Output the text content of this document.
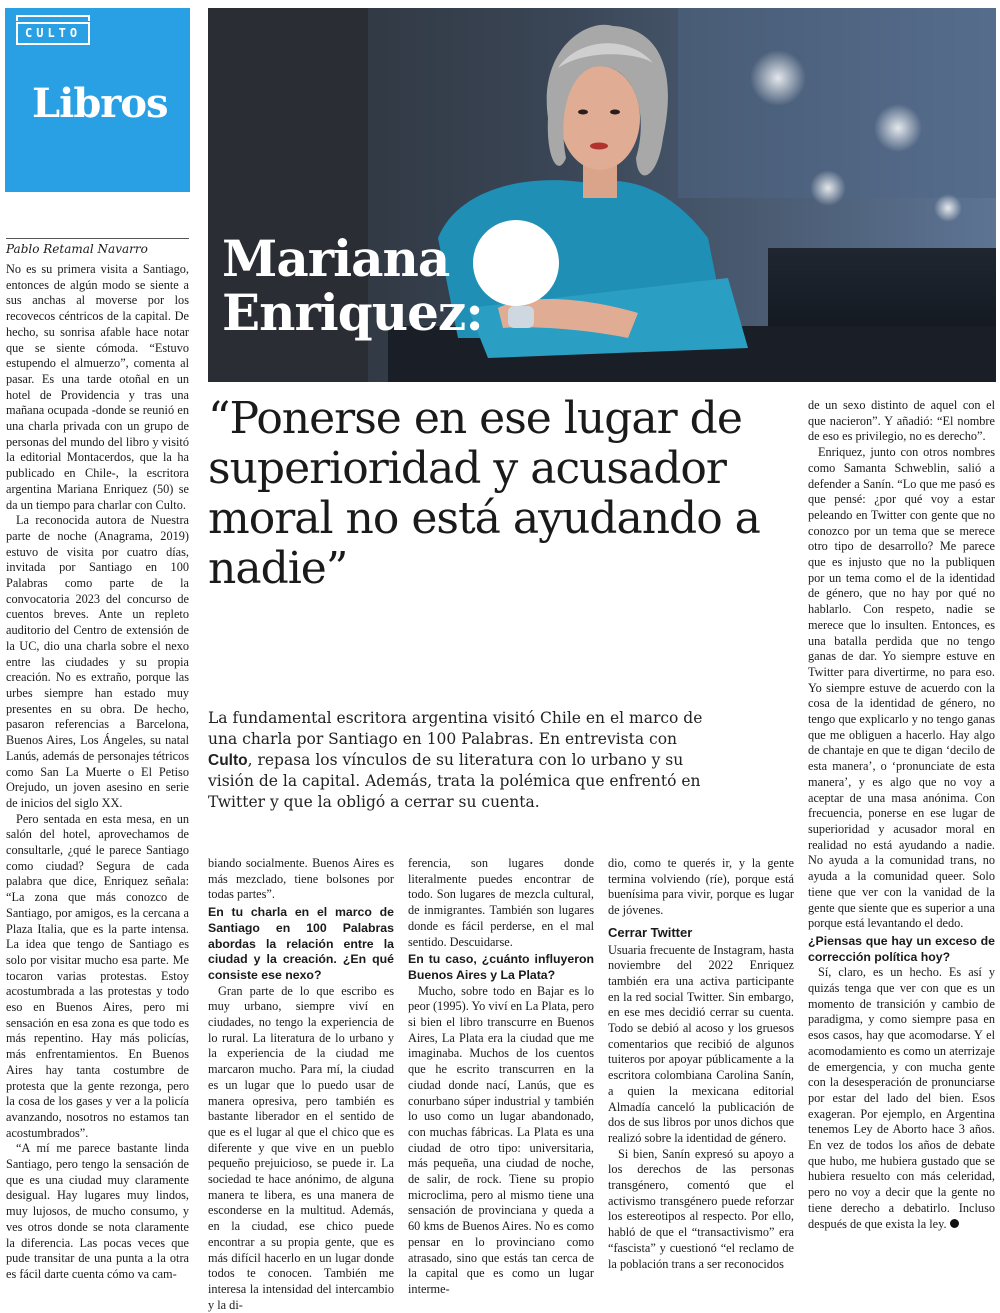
CULTO
Libros
Mariana
Enriquez:
“Ponerse en ese lugar de superioridad y acusador moral no está ayudando a nadie”
La fundamental escritora argentina visitó Chile en el marco de una charla por Santiago en 100 Palabras. En entrevista con Culto, repasa los vínculos de su literatura con lo urbano y su visión de la capital. Además, trata la polémica que enfrentó en Twitter y que la obligó a cerrar su cuenta.
Pablo Retamal Navarro

No es su primera visita a Santiago, entonces de algún modo se siente a sus anchas al moverse por los recovecos céntricos de la capital. De hecho, su sonrisa afable hace notar que se siente cómoda. “Estuvo estupendo el almuerzo”, comenta al pasar. Es una tarde otoñal en un hotel de Providencia y tras una mañana ocupada -donde se reunió en una charla privada con un grupo de personas del mundo del libro y visitó la editorial Montacerdos, que la ha publicado en Chile-, la escritora argentina Mariana Enriquez (50) se da un tiempo para charlar con Culto.

La reconocida autora de Nuestra parte de noche (Anagrama, 2019) estuvo de visita por cuatro días, invitada por Santiago en 100 Palabras como parte de la convocatoria 2023 del concurso de cuentos breves. Ante un repleto auditorio del Centro de extensión de la UC, dio una charla sobre el nexo entre las ciudades y su propia creación. No es extraño, porque las urbes siempre han estado muy presentes en su obra. De hecho, pasaron referencias a Barcelona, Buenos Aires, Los Ángeles, su natal Lanús, además de personajes tétricos como San La Muerte o El Petiso Orejudo, un joven asesino en serie de inicios del siglo XX.

Pero sentada en esta mesa, en un salón del hotel, aprovechamos de consultarle, ¿qué le parece Santiago como ciudad? Segura de cada palabra que dice, Enriquez señala: “La zona que más conozco de Santiago, por amigos, es la cercana a Plaza Italia, que es la parte intensa. La idea que tengo de Santiago es solo por visitar mucho esa parte. Me tocaron varias protestas. Estoy acostumbrada a las protestas y todo eso en Buenos Aires, pero mi sensación en esa zona es que todo es más repentino. Hay más policías, más enfrentamientos. En Buenos Aires hay tanta costumbre de protesta que la gente rezonga, pero la cosa de los gases y ver a la policía avanzando, nosotros no estamos tan acostumbrados”.

“A mí me parece bastante linda Santiago, pero tengo la sensación de que es una ciudad muy claramente desigual. Hay lugares muy lindos, muy lujosos, de mucho consumo, y ves otros donde se nota claramente la diferencia. Las pocas veces que pude transitar de una punta a la otra es fácil darte cuenta cómo va cam-

biando socialmente. Buenos Aires es más mezclado, tiene bolsones por todas partes”.

En tu charla en el marco de Santiago en 100 Palabras abordas la relación entre la ciudad y la creación. ¿En qué consiste ese nexo?

Gran parte de lo que escribo es muy urbano, siempre viví en ciudades, no tengo la experiencia de lo rural. La literatura de lo urbano y la experiencia de la ciudad me marcaron mucho. Para mí, la ciudad es un lugar que lo puedo usar de manera opresiva, pero también es bastante liberador en el sentido de que es el lugar al que el chico que es diferente y que vive en un pueblo pequeño prejuicioso, se puede ir. La sociedad te hace anónimo, de alguna manera te libera, es una manera de esconderse en la multitud. Además, en la ciudad, ese chico puede encontrar a su propia gente, que es más difícil hacerlo en un lugar donde todos te conocen. También me interesa la intensidad del intercambio y la di-

ferencia, son lugares donde literalmente puedes encontrar de todo. Son lugares de mezcla cultural, de inmigrantes. También son lugares donde es fácil perderse, en el mal sentido. Descuidarse.

En tu caso, ¿cuánto influyeron Buenos Aires y La Plata?

Mucho, sobre todo en Bajar es lo peor (1995). Yo viví en La Plata, pero si bien el libro transcurre en Buenos Aires, La Plata era la ciudad que me imaginaba. Muchos de los cuentos que he escrito transcurren en la ciudad donde nací, Lanús, que es conurbano súper industrial y también lo uso como un lugar abandonado, con muchas fábricas. La Plata es una ciudad de otro tipo: universitaria, más pequeña, una ciudad de noche, de salir, de rock. Tiene su propio microclima, pero al mismo tiene una sensación de provinciana y queda a 60 kms de Buenos Aires. No es como pensar en lo provinciano como atrasado, sino que estás tan cerca de la capital que es como un lugar interme-

dio, como te querés ir, y la gente termina volviendo (ríe), porque está buenísima para vivir, porque es lugar de jóvenes.

Cerrar Twitter

Usuaria frecuente de Instagram, hasta noviembre del 2022 Enriquez también era una activa participante en la red social Twitter. Sin embargo, en ese mes decidió cerrar su cuenta. Todo se debió al acoso y los gruesos comentarios que recibió de algunos tuiteros por apoyar públicamente a la escritora colombiana Carolina Sanín, a quien la mexicana editorial Almadía canceló la publicación de dos de sus libros por unos dichos que realizó sobre la identidad de género.

Si bien, Sanín expresó su apoyo a los derechos de las personas transgénero, comentó que el activismo transgénero puede reforzar los estereotipos al respecto. Por ello, habló de que el “transactivismo” era “fascista” y cuestionó “el reclamo de la población trans a ser reconocidos

de un sexo distinto de aquel con el que nacieron”. Y añadió: “El nombre de eso es privilegio, no es derecho”.

Enriquez, junto con otros nombres como Samanta Schweblin, salió a defender a Sanín. “Lo que me pasó es que pensé: ¿por qué voy a estar peleando en Twitter con gente que no conozco por un tema que se merece otro tipo de desarrollo? Me parece que es injusto que no la publiquen por un tema como el de la identidad de género, que no hay por qué no hablarlo. Con respeto, nadie se merece que lo insulten. Entonces, es una batalla perdida que no tengo ganas de dar. Yo siempre estuve en Twitter para divertirme, no para eso. Yo siempre estuve de acuerdo con la cosa de la identidad de género, no tengo que explicarlo y no tengo ganas que me obliguen a hacerlo. Hay algo de chantaje en que te digan ‘decilo de esta manera’, o ‘pronunciate de esta manera’, y es algo que no voy a aceptar de una masa anónima. Con frecuencia, ponerse en ese lugar de superioridad y acusador moral en realidad no está ayudando a nadie. No ayuda a la comunidad trans, no ayuda a la comunidad queer. Solo tiene que ver con la vanidad de la gente que siente que es superior a una porque está levantando el dedo.

¿Piensas que hay un exceso de corrección política hoy?

Sí, claro, es un hecho. Es así y quizás tenga que ver con que es un momento de transición y cambio de paradigma, y como siempre pasa en esos casos, hay que acomodarse. Y el acomodamiento es como un aterrizaje de emergencia, y con mucha gente con la desesperación de pronunciarse por estar del lado del bien. Esos exageran. Por ejemplo, en Argentina tenemos Ley de Aborto hace 3 años. En vez de todos los años de debate que hubo, me hubiera gustado que se hubiera resuelto con más celeridad, pero no voy a decir que la gente no tiene derecho a debatirlo. Incluso después de que exista la ley.
